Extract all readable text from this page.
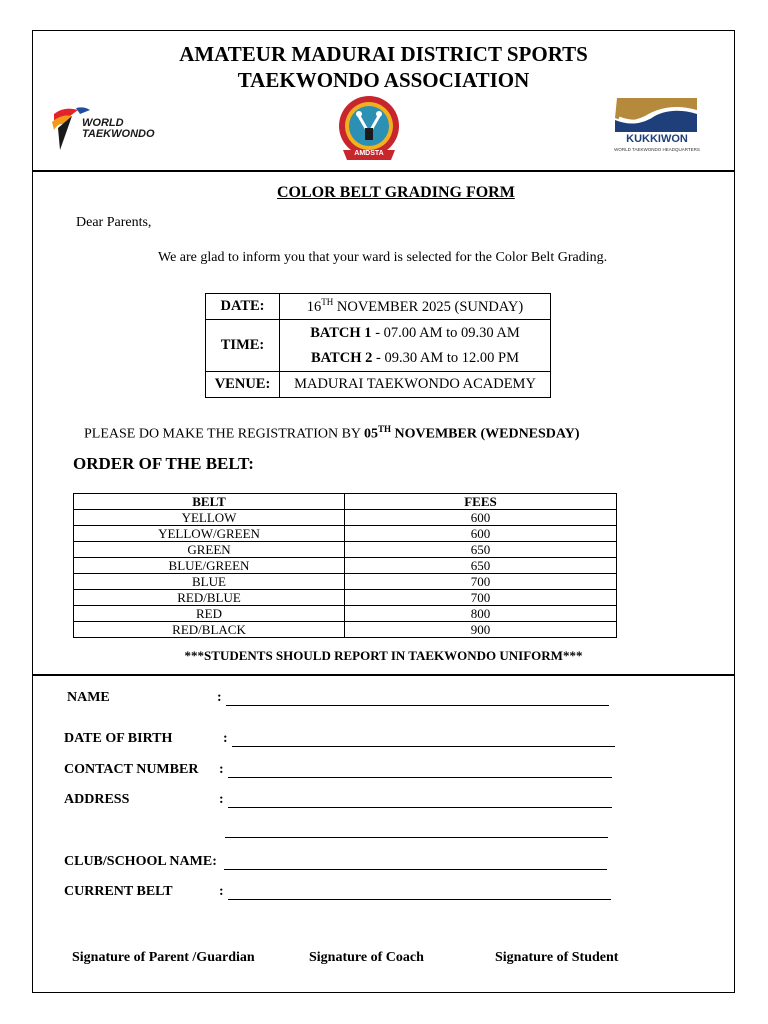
AMATEUR MADURAI DISTRICT SPORTS
TAEKWONDO ASSOCIATION
WORLD
TAEKWONDO
AMDSTA
KUKKIWON
WORLD TAEKWONDO HEADQUARTERS
COLOR BELT GRADING FORM
Dear Parents,
We are glad to inform you that your ward is selected for the Color Belt Grading.
DATE:	16TH NOVEMBER 2025 (SUNDAY)
TIME:	BATCH 1 - 07.00 AM to 09.30 AM
BATCH 2 - 09.30 AM to 12.00 PM

VENUE:	MADURAI TAEKWONDO ACADEMY
PLEASE DO MAKE THE REGISTRATION BY 05TH NOVEMBER (WEDNESDAY)
ORDER OF THE BELT:
BELT	FEES
YELLOW	600
YELLOW/GREEN	600
GREEN	650
BLUE/GREEN	650
BLUE	700
RED/BLUE	700
RED	800
RED/BLACK	900
***STUDENTS SHOULD REPORT IN TAEKWONDO UNIFORM***
NAME	:
DATE OF BIRTH	:
CONTACT NUMBER :
ADDRESS	:
CLUB/SCHOOL NAME:
CURRENT BELT	:
Signature of Parent /Guardian	Signature of Coach	Signature of Student
